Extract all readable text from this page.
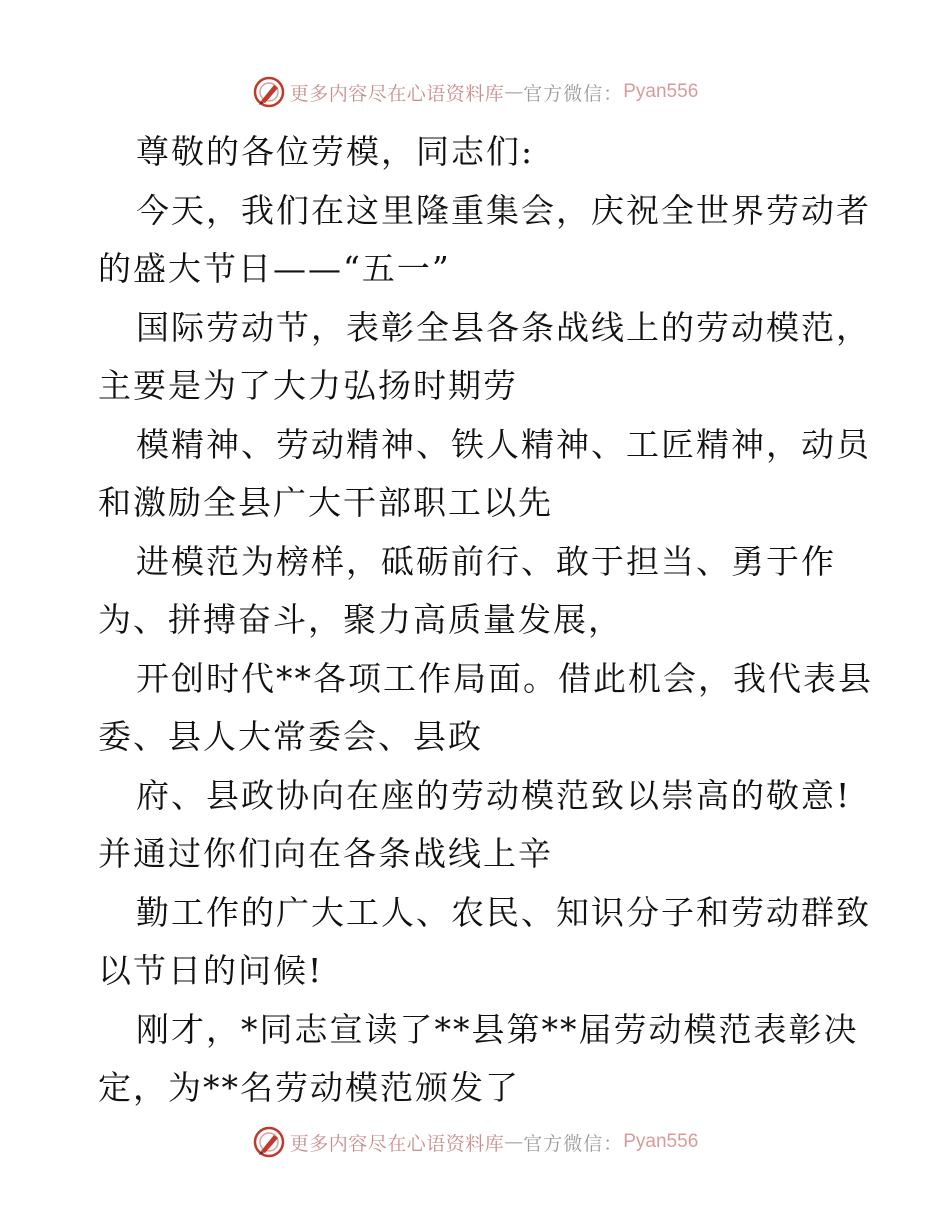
更多内容尽在心语资料库 — 官方微信： Pyan556

尊敬的各位劳模，同志们:

今天，我们在这里隆重集会，庆祝全世界劳动者
的盛大节日——“五一”

国际劳动节，表彰全县各条战线上的劳动模范，
主要是为了大力弘扬时期劳

模精神、劳动精神、铁人精神、工匠精神，动员
和激励全县广大干部职工以先

进模范为榜样，砥砺前行、敢于担当、勇于作
为、拼搏奋斗，聚力高质量发展，

开创时代**各项工作局面。借此机会，我代表县
委、县人大常委会、县政

府、县政协向在座的劳动模范致以崇高的敬意!
并通过你们向在各条战线上辛

勤工作的广大工人、农民、知识分子和劳动群致
以节日的问候!

刚才，*同志宣读了**县第**届劳动模范表彰决
定，为**名劳动模范颁发了

更多内容尽在心语资料库 — 官方微信： Pyan556
